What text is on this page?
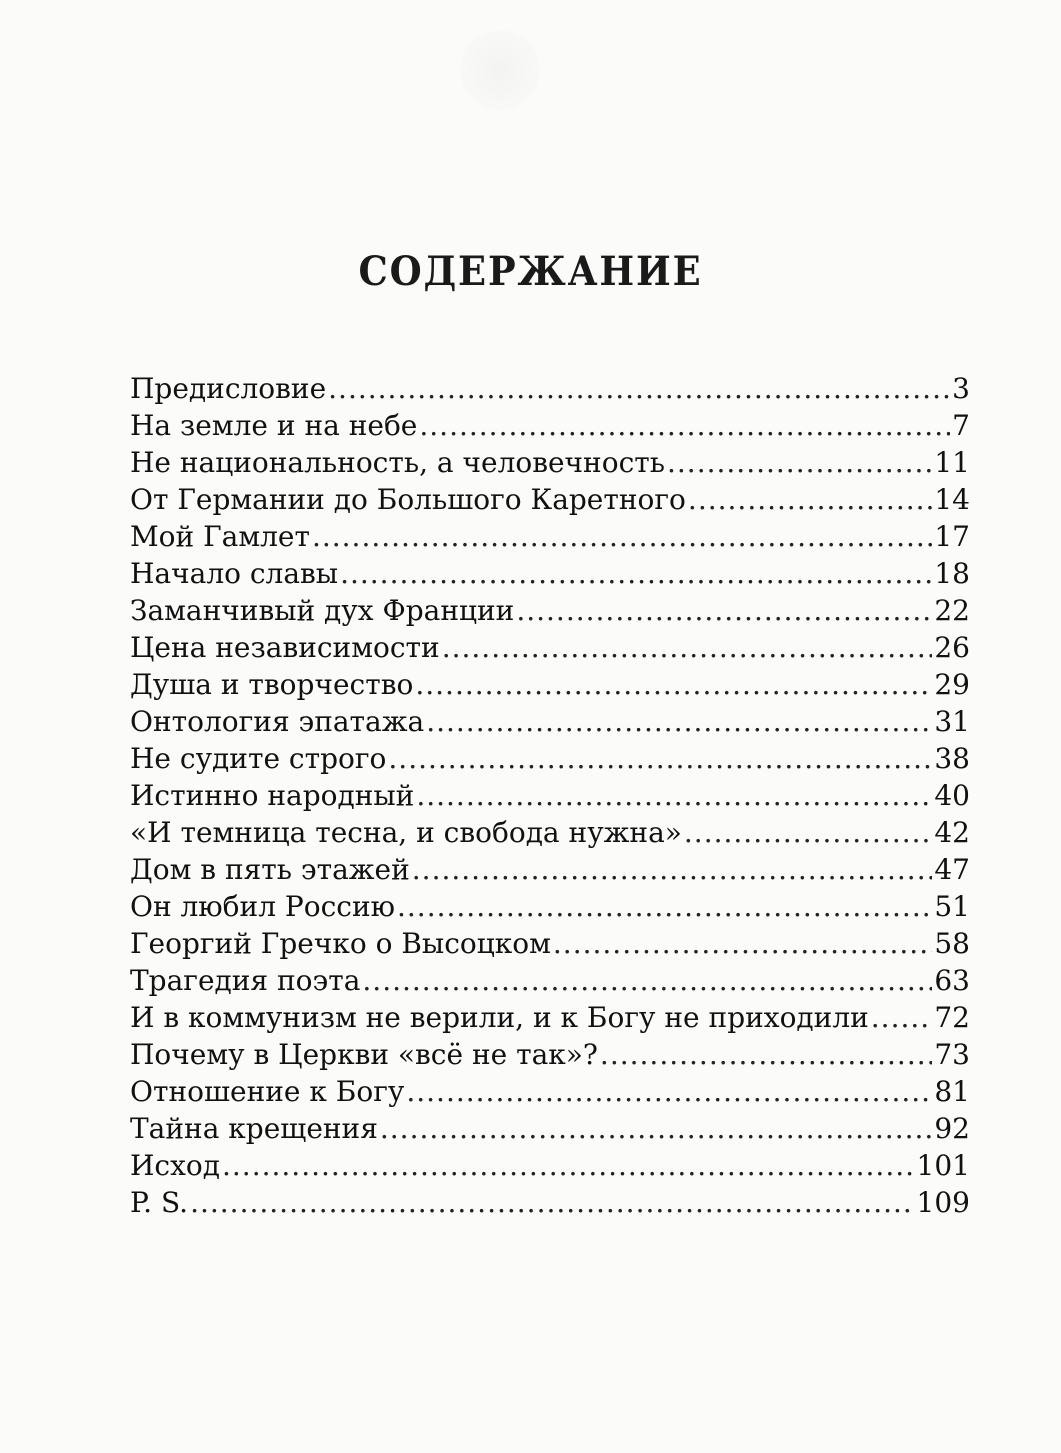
СОДЕРЖАНИЕ
Предисловие .....	3
На земле и на небе .....	7
Не национальность, а человечность .....	11
От Германии до Большого Каретного .....	14
Мой Гамлет .....	17
Начало славы .....	18
Заманчивый дух Франции .....	22
Цена независимости .....	26
Душа и творчество .....	29
Онтология эпатажа .....	31
Не судите строго .....	38
Истинно народный .....	40
«И темница тесна, и свобода нужна» .....	42
Дом в пять этажей .....	47
Он любил Россию .....	51
Георгий Гречко о Высоцком .....	58
Трагедия поэта .....	63
И в коммунизм не верили, и к Богу не приходили ..... 72
Почему в Церкви «всё не так»? .....	73
Отношение к Богу .....	81
Тайна крещения .....	92
Исход .....	101
P. S. .....	109
